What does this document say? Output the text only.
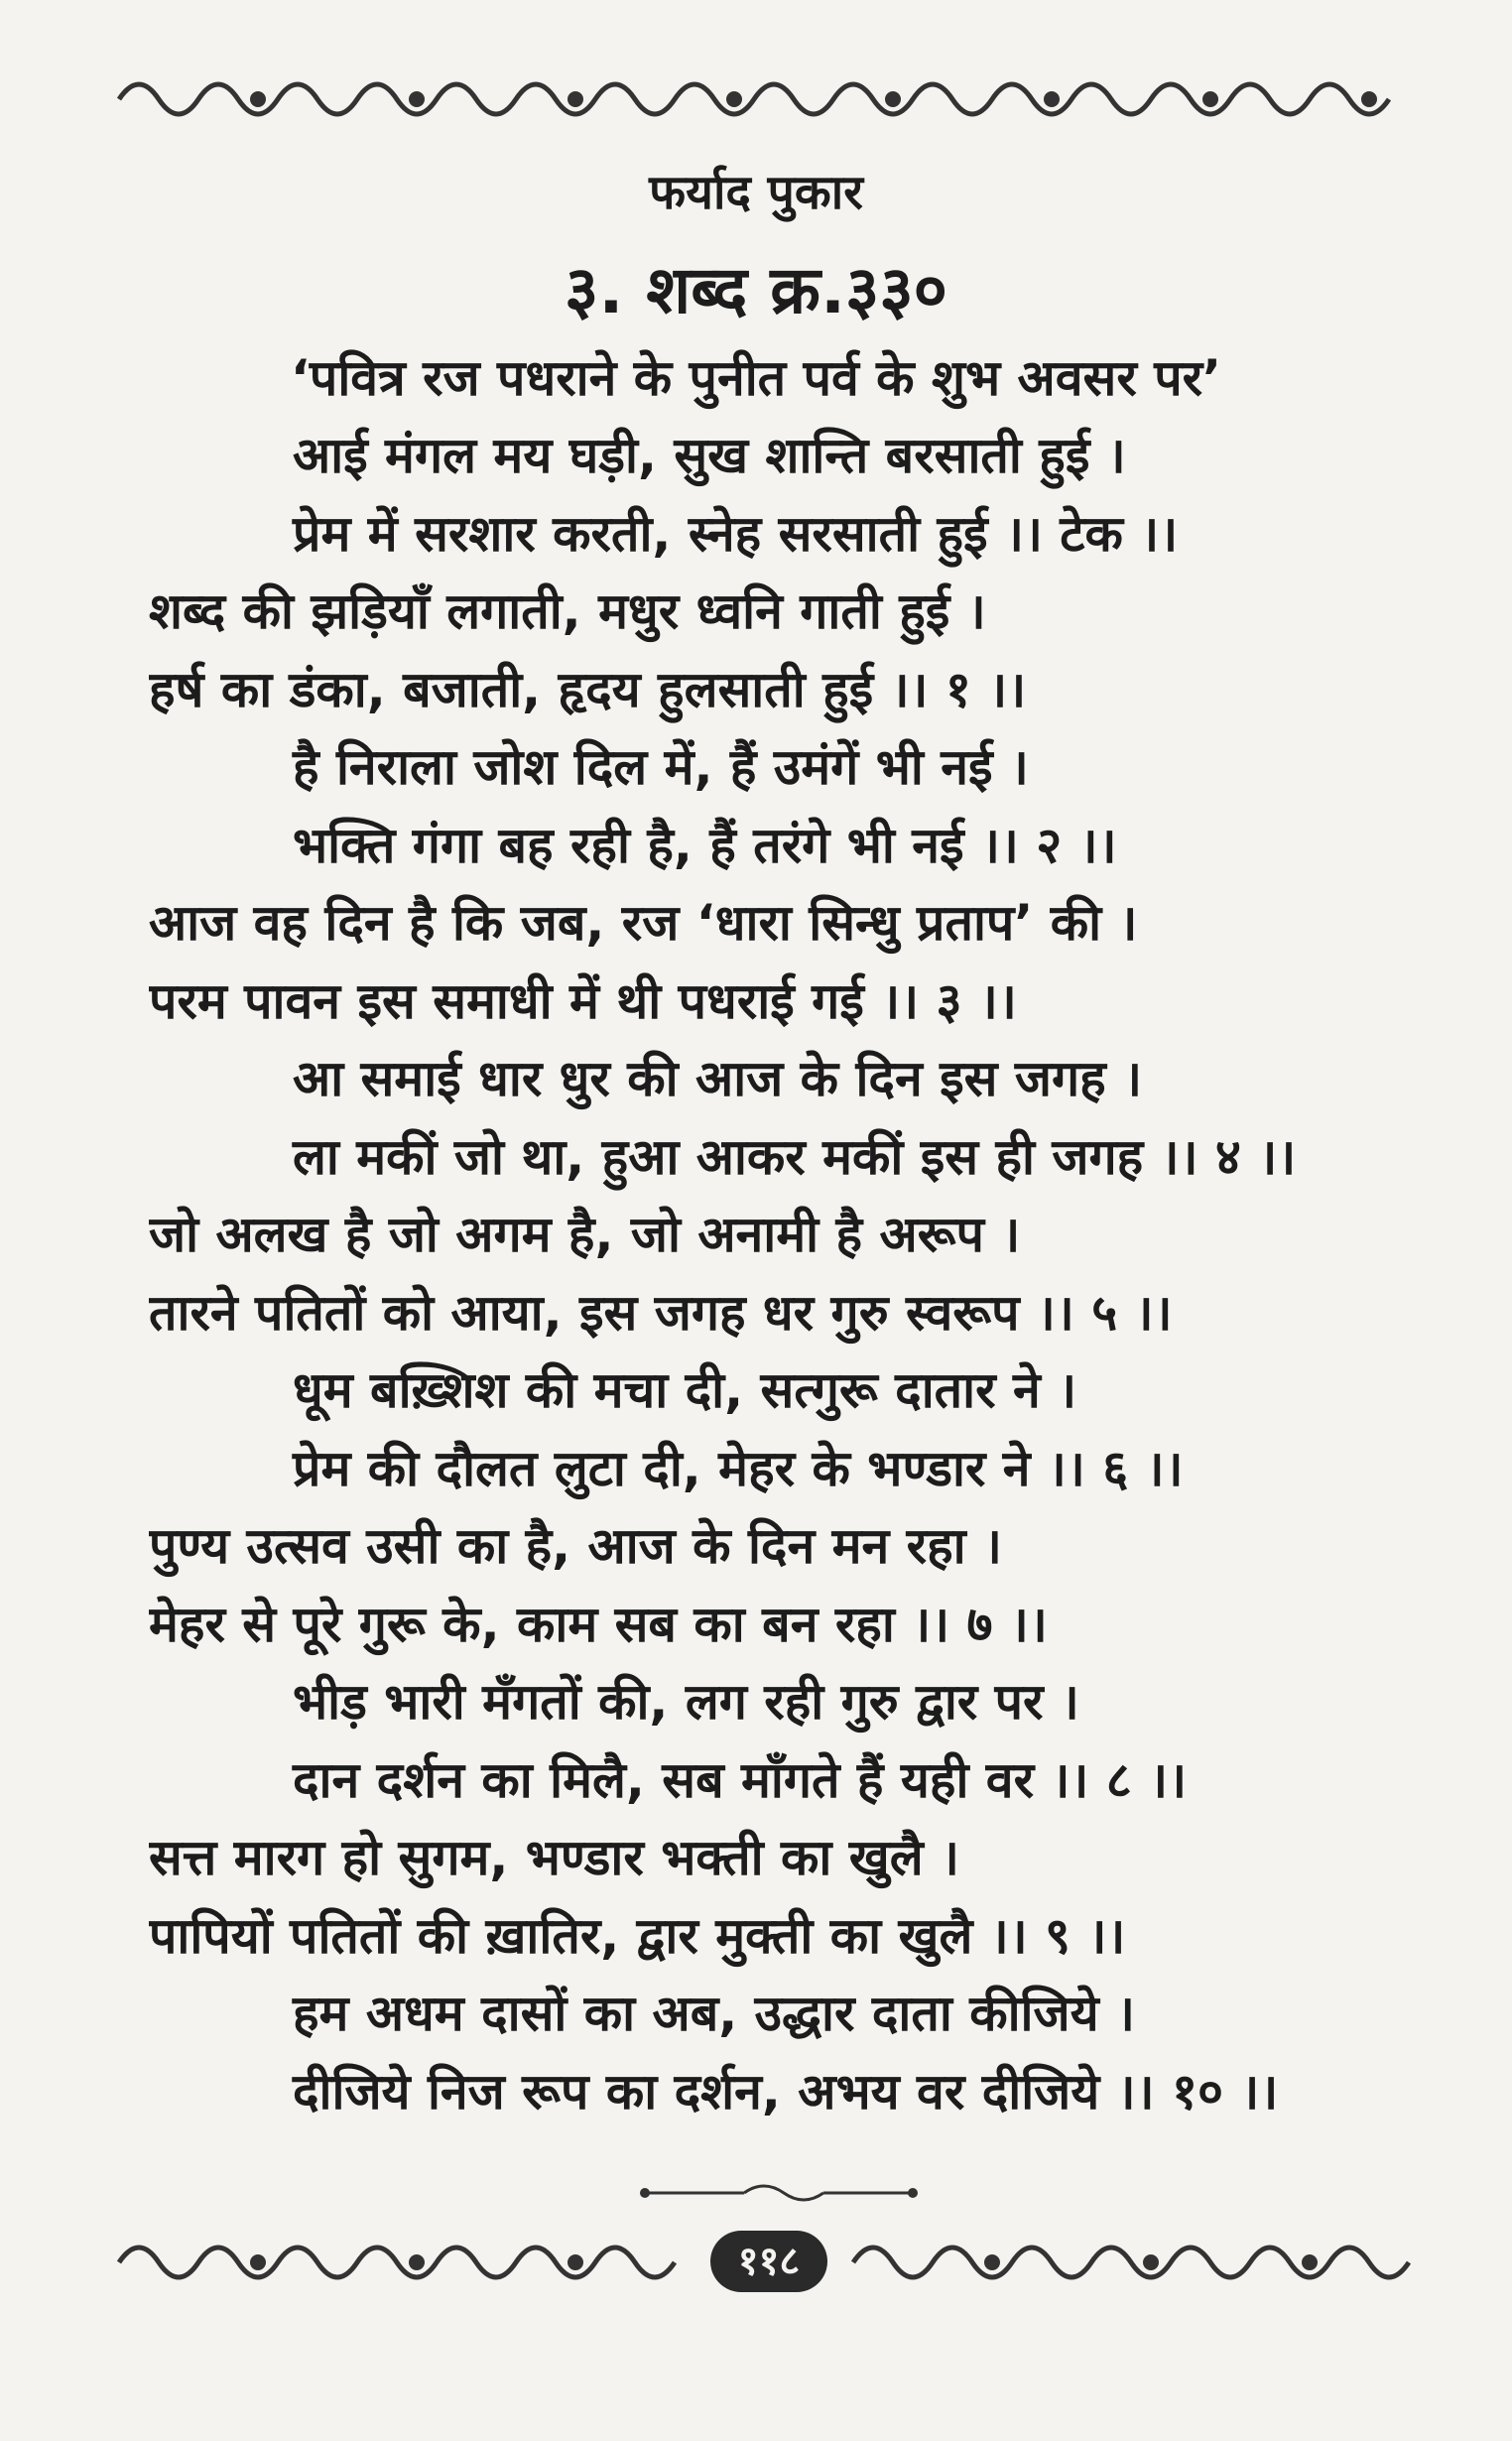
फर्याद पुकार
३. शब्द क्र.३३०
‘पवित्र रज पधराने के पुनीत पर्व के शुभ अवसर पर’
आई मंगल मय घड़ी, सुख शान्ति बरसाती हुई ।
प्रेम में सरशार करती, स्नेह सरसाती हुई ।। टेक ।।
शब्द की झड़ियाँ लगाती, मधुर ध्वनि गाती हुई ।
हर्ष का डंका, बजाती, हृदय हुलसाती हुई ।। १ ।।
है निराला जोश दिल में, हैं उमंगें भी नई ।
भक्ति गंगा बह रही है, हैं तरंगे भी नई ।। २ ।।
आज वह दिन है कि जब, रज ‘धारा सिन्धु प्रताप’ की ।
परम पावन इस समाधी में थी पधराई गई ।। ३ ।।
आ समाई धार धुर की आज के दिन इस जगह ।
ला मकीं जो था, हुआ आकर मकीं इस ही जगह ।। ४ ।।
जो अलख है जो अगम है, जो अनामी है अरूप ।
तारने पतितों को आया, इस जगह धर गुरु स्वरूप ।। ५ ।।
धूम बख़्शिश की मचा दी, सत्गुरू दातार ने ।
प्रेम की दौलत लुटा दी, मेहर के भण्डार ने ।। ६ ।।
पुण्य उत्सव उसी का है, आज के दिन मन रहा ।
मेहर से पूरे गुरू के, काम सब का बन रहा ।। ७ ।।
भीड़ भारी मँगतों की, लग रही गुरु द्वार पर ।
दान दर्शन का मिलै, सब माँगते हैं यही वर ।। ८ ।।
सत्त मारग हो सुगम, भण्डार भक्ती का खुलै ।
पापियों पतितों की ख़ातिर, द्वार मुक्ती का खुलै ।। ९ ।।
हम अधम दासों का अब, उद्धार दाता कीजिये ।
दीजिये निज रूप का दर्शन, अभय वर दीजिये ।। १० ।।
११८
